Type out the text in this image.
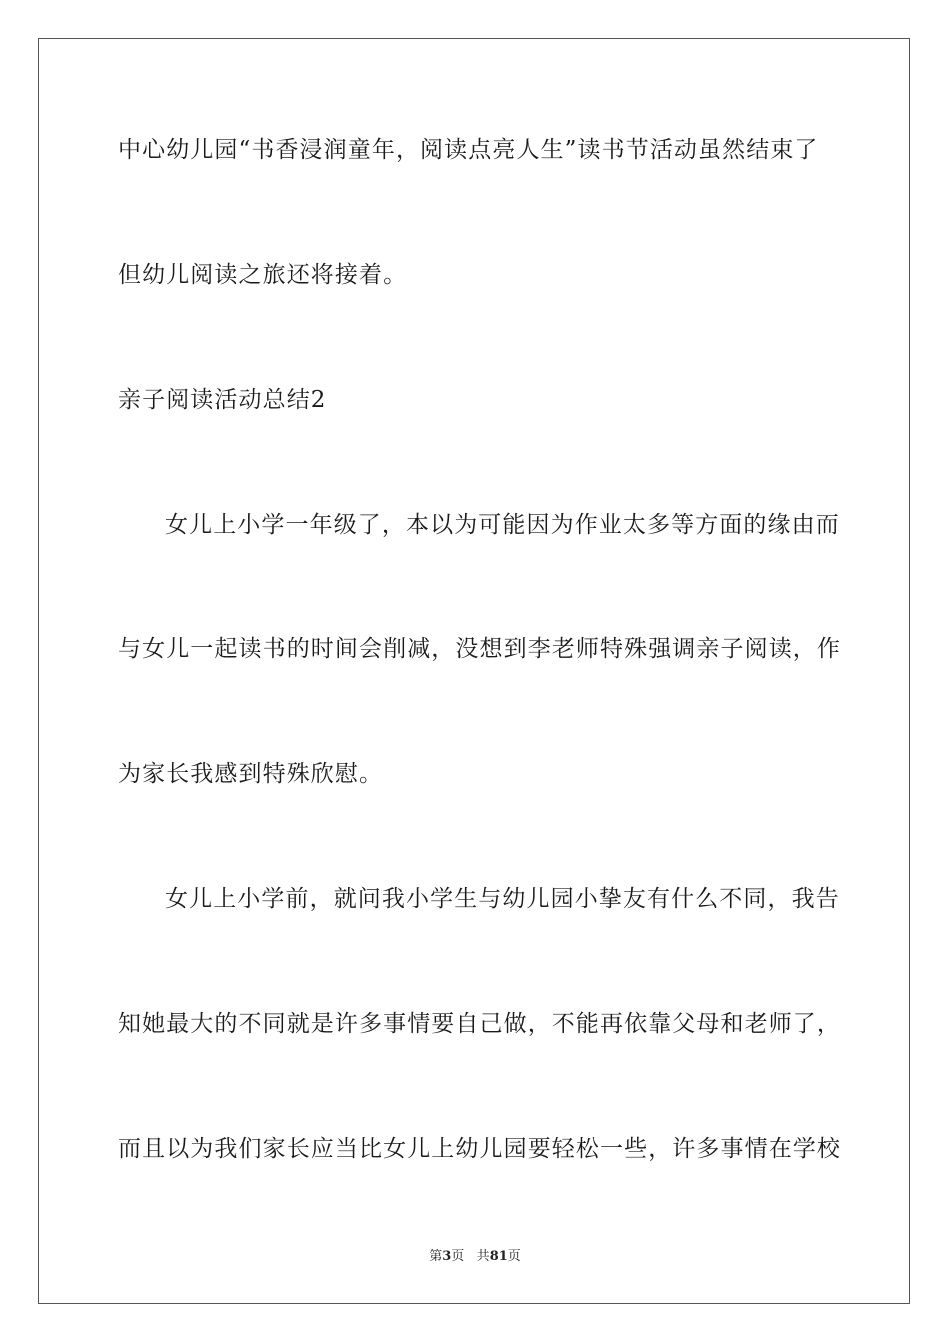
中心幼儿园“书香浸润童年，阅读点亮人生”读书节活动虽然结束了
但幼儿阅读之旅还将接着。
亲子阅读活动总结2
女儿上小学一年级了，本以为可能因为作业太多等方面的缘由而
与女儿一起读书的时间会削减，没想到李老师特殊强调亲子阅读，作
为家长我感到特殊欣慰。
女儿上小学前，就问我小学生与幼儿园小挚友有什么不同，我告
知她最大的不同就是许多事情要自己做，不能再依靠父母和老师了，
而且以为我们家长应当比女儿上幼儿园要轻松一些，许多事情在学校
第3页 共81页
